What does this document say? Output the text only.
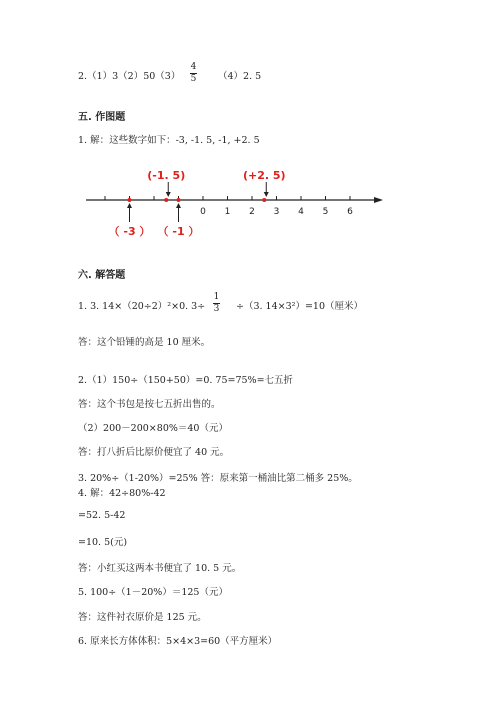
2.（1）3（2）50（3）
4
5 （4）2. 5
五. 作图题
1. 解：这些数字如下：-3, -1. 5, -1, +2. 5
0 1 2 3 4 5 6
(-1. 5)	(+2. 5)
（ -3 ） （ -1 ）
六. 解答题
1. 3. 14×（20÷2）²×0. 3÷
1
3 ÷（3. 14×3²）=10（厘米）
答：这个铅锤的高是 10 厘米。
2.（1）150÷（150+50）=0. 75=75%=七五折
答：这个书包是按七五折出售的。
（2）200－200×80%＝40（元）
答：打八折后比原价便宜了 40 元。
3. 20%÷（1-20%）=25% 答：原来第一桶油比第二桶多 25%。
4. 解：42÷80%-42
=52. 5-42
=10. 5(元)
答：小红买这两本书便宜了 10. 5 元。
5. 100÷（1－20%）＝125（元）
答：这件衬衣原价是 125 元。
6. 原来长方体体积：5×4×3=60（平方厘米）
